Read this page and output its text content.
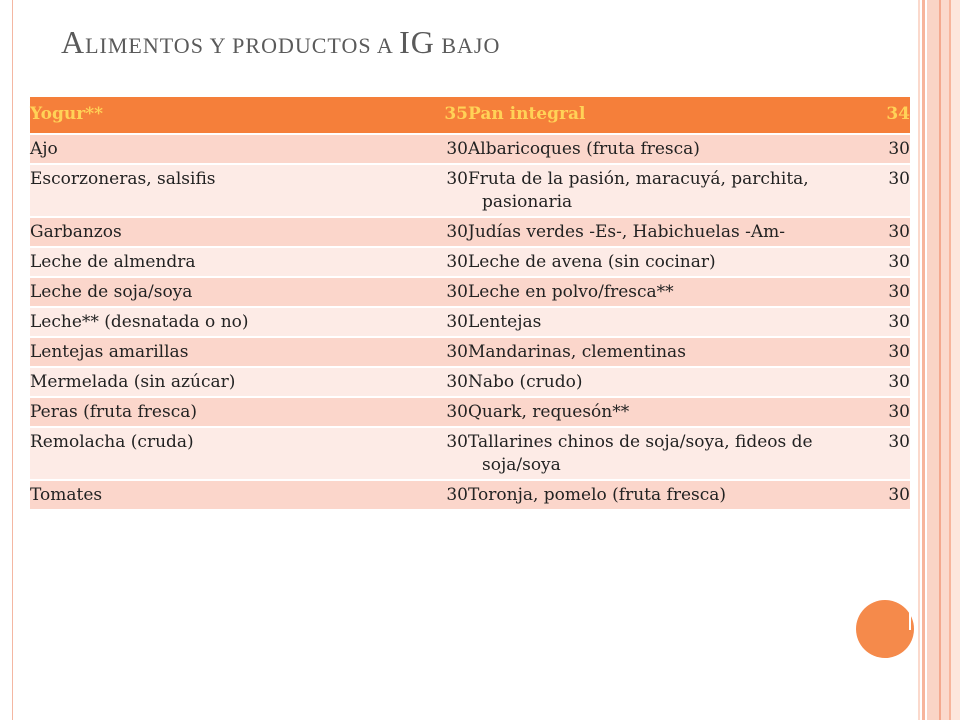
ALIMENTOS Y PRODUCTOS A IG BAJO
Yogur**	35	Pan integral	34
Ajo	30	Albaricoques (fruta fresca)	30
Escorzoneras, salsifis	30	Fruta de la pasión, maracuyá, parchita, pasionaria	30
Garbanzos	30	Judías verdes -Es-, Habichuelas -Am-	30
Leche de almendra	30	Leche de avena (sin cocinar)	30
Leche de soja/soya	30	Leche en polvo/fresca**	30
Leche** (desnatada o no)	30	Lentejas	30
Lentejas amarillas	30	Mandarinas, clementinas	30
Mermelada (sin azúcar)	30	Nabo (crudo)	30
Peras (fruta fresca)	30	Quark, requesón**	30
Remolacha (cruda)	30	Tallarines chinos de soja/soya, fideos de soja/soya	30
Tomates	30	Toronja, pomelo (fruta fresca)	30
